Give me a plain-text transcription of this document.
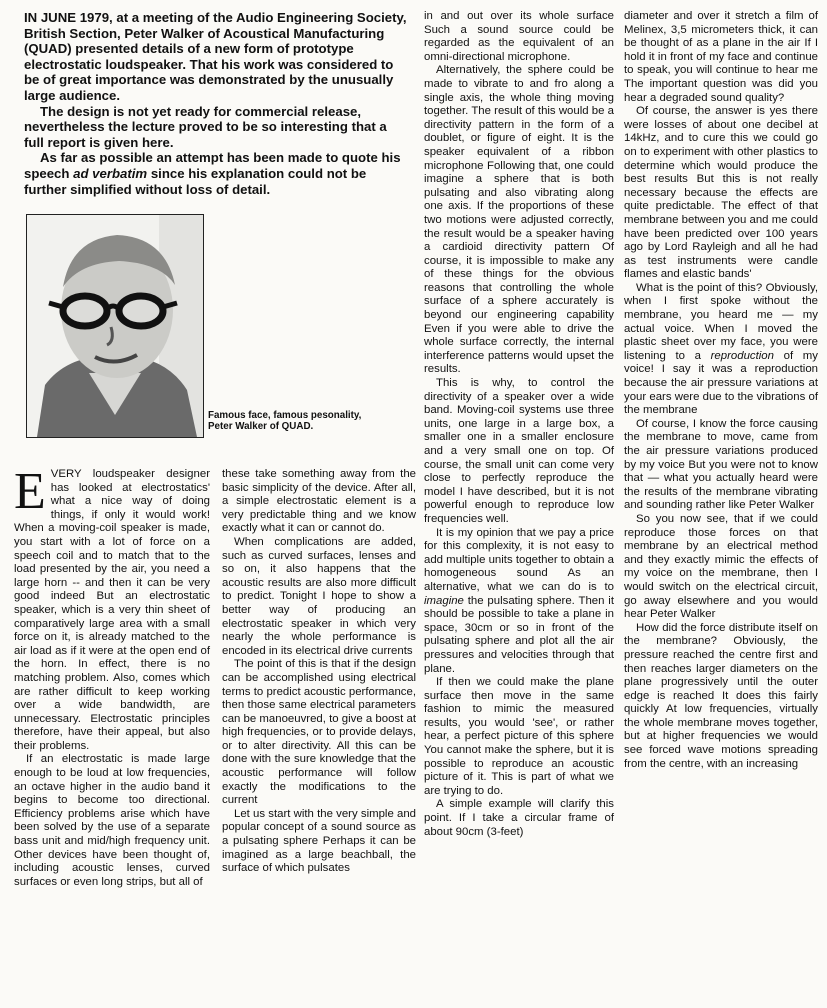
IN JUNE 1979, at a meeting of the Audio Engineering Society, British Section, Peter Walker of Acoustical Manufacturing (QUAD) presented details of a new form of prototype electrostatic loudspeaker. That his work was considered to be of great importance was demonstrated by the unusually large audience.

The design is not yet ready for commercial release, nevertheless the lecture proved to be so interesting that a full report is given here.

As far as possible an attempt has been made to quote his speech ad verbatim since his explanation could not be further simplified without loss of detail.

Famous face, famous pesonality,
Peter Walker of QUAD.

EVERY loudspeaker designer has looked at electrostatics' what a nice way of doing things, if only it would work! When a moving-coil speaker is made, you start with a lot of force on a speech coil and to match that to the load presented by the air, you need a large horn -- and then it can be very good indeed But an electrostatic speaker, which is a very thin sheet of comparatively large area with a small force on it, is already matched to the air load as if it were at the open end of the horn. In effect, there is no matching problem. Also, comes which are rather difficult to keep working over a wide bandwidth, are unnecessary. Electrostatic principles therefore, have their appeal, but also their problems.

If an electrostatic is made large enough to be loud at low frequencies, an octave higher in the audio band it begins to become too directional. Efficiency problems arise which have been solved by the use of a separate bass unit and mid/high frequency unit. Other devices have been thought of, including acoustic lenses, curved surfaces or even long strips, but all of

these take something away from the basic simplicity of the device. After all, a simple electrostatic element is a very predictable thing and we know exactly what it can or cannot do.

When complications are added, such as curved surfaces, lenses and so on, it also happens that the acoustic results are also more difficult to predict. Tonight I hope to show a better way of producing an electrostatic speaker in which very nearly the whole performance is encoded in its electrical drive currents

The point of this is that if the design can be accomplished using electrical terms to predict acoustic performance, then those same electrical parameters can be manoeuvred, to give a boost at high frequencies, or to provide delays, or to alter directivity. All this can be done with the sure knowledge that the acoustic performance will follow exactly the modifications to the current

Let us start with the very simple and popular concept of a sound source as a pulsating sphere Perhaps it can be imagined as a large beachball, the surface of which pulsates

in and out over its whole surface Such a sound source could be regarded as the equivalent of an omni-directional microphone.

Alternatively, the sphere could be made to vibrate to and fro along a single axis, the whole thing moving together. The result of this would be a directivity pattern in the form of a doublet, or figure of eight. It is the speaker equivalent of a ribbon microphone Following that, one could imagine a sphere that is both pulsating and also vibrating along one axis. If the proportions of these two motions were adjusted correctly, the result would be a speaker having a cardioid directivity pattern Of course, it is impossible to make any of these things for the obvious reasons that controlling the whole surface of a sphere accurately is beyond our engineering capability Even if you were able to drive the whole surface correctly, the internal interference patterns would upset the results.

This is why, to control the directivity of a speaker over a wide band. Moving-coil systems use three units, one large in a large box, a smaller one in a smaller enclosure and a very small one on top. Of course, the small unit can come very close to perfectly reproduce the model I have described, but it is not powerful enough to reproduce low frequencies well.

It is my opinion that we pay a price for this complexity, it is not easy to add multiple units together to obtain a homogeneous sound As an alternative, what we can do is to imagine the pulsating sphere. Then it should be possible to take a plane in space, 30cm or so in front of the pulsating sphere and plot all the air pressures and velocities through that plane.

If then we could make the plane surface then move in the same fashion to mimic the measured results, you would 'see', or rather hear, a perfect picture of this sphere You cannot make the sphere, but it is possible to reproduce an acoustic picture of it. This is part of what we are trying to do.

A simple example will clarify this point. If I take a circular frame of about 90cm (3-feet)

diameter and over it stretch a film of Melinex, 3,5 micrometers thick, it can be thought of as a plane in the air If I hold it in front of my face and continue to speak, you will continue to hear me The important question was did you hear a degraded sound quality?

Of course, the answer is yes there were losses of about one decibel at 14kHz, and to cure this we could go on to experiment with other plastics to determine which would produce the best results But this is not really necessary because the effects are quite predictable. The effect of that membrane between you and me could have been predicted over 100 years ago by Lord Rayleigh and all he had as test instruments were candle flames and elastic bands'

What is the point of this? Obviously, when I first spoke without the membrane, you heard me — my actual voice. When I moved the plastic sheet over my face, you were listening to a reproduction of my voice! I say it was a reproduction because the air pressure variations at your ears were due to the vibrations of the membrane

Of course, I know the force causing the membrane to move, came from the air pressure variations produced by my voice But you were not to know that — what you actually heard were the results of the membrane vibrating and sounding rather like Peter Walker

So you now see, that if we could reproduce those forces on that membrane by an electrical method and they exactly mimic the effects of my voice on the membrane, then I would switch on the electrical circuit, go away elsewhere and you would hear Peter Walker

How did the force distribute itself on the membrane? Obviously, the pressure reached the centre first and then reaches larger diameters on the plane progressively until the outer edge is reached It does this fairly quickly At low frequencies, virtually the whole membrane moves together, but at higher frequencies we would see forced wave motions spreading from the centre, with an increasing
